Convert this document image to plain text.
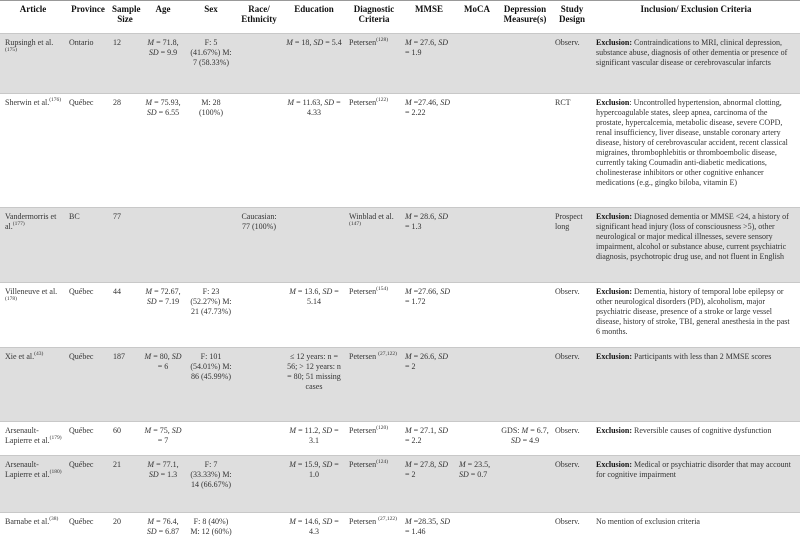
Article	Province	Sample Size	Age	Sex	Race/ Ethnicity	Education	Diagnostic Criteria	MMSE	MoCA	Depression Measure(s)	Study Design	Inclusion/ Exclusion Criteria
Rupsingh et al.$^{(175)}$	Ontario	12	M = 71.8, SD = 9.9	F: 5 (41.67%) M: 7 (58.33%)		M = 18, SD = 5.4	Petersen$^{(128)}$	M = 27.6, SD = 1.9			Observ.	Exclusion: Contraindications to MRI, clinical depression, substance abuse, diagnosis of other dementia or presence of significant vascular disease or cerebrovascular infarcts
Sherwin et al.$^{(176)}$	Québec	28	M = 75.93, SD = 6.55	M: 28 (100%)		M = 11.63, SD = 4.33	Petersen$^{(122)}$	M =27.46, SD = 2.22			RCT	Exclusion: Uncontrolled hypertension, abnormal clotting, hypercoagulable states, sleep apnea, carcinoma of the prostate, hypercalcemia, metabolic disease, severe COPD, renal insufficiency, liver disease, unstable coronary artery disease, history of cerebrovascular accident, recent classical migraines, thrombophlebitis or thromboembolic disease, currently taking Coumadin anti-diabetic medications, cholinesterase inhibitors or other cognitive enhancer medications (e.g., gingko biloba, vitamin E)
Vandermorris et al.$^{(177)}$	BC	77			Caucasian: 77 (100%)		Winblad et al.$^{(147)}$	M = 28.6, SD = 1.3			Prospect long	Exclusion: Diagnosed dementia or MMSE <24, a history of significant head injury (loss of consciousness >5), other neurological or major medical illnesses, severe sensory impairment, alcohol or substance abuse, current psychiatric diagnosis, psychotropic drug use, and not fluent in English
Villeneuve et al.$^{(178)}$	Québec	44	M = 72.67, SD = 7.19	F: 23 (52.27%) M: 21 (47.73%)		M = 13.6, SD = 5.14	Petersen$^{(154)}$	M =27.66, SD = 1.72			Observ.	Exclusion: Dementia, history of temporal lobe epilepsy or other neurological disorders (PD), alcoholism, major psychiatric disease, presence of a stroke or large vessel disease, history of stroke, TBI, general anesthesia in the past 6 months.
Xie et al.$^{(43)}$	Québec	187	M = 80, SD = 6	F: 101 (54.01%) M: 86 (45.99%)		≤ 12 years: n = 56; > 12 years: n = 80; 51 missing cases	Petersen $^{(27,122)}$	M = 26.6, SD = 2			Observ.	Exclusion: Participants with less than 2 MMSE scores
Arsenault-Lapierre et al.$^{(179)}$	Québec	60	M = 75, SD = 7			M = 11.2, SD = 3.1	Petersen$^{(120)}$	M = 27.1, SD = 2.2		GDS: M = 6.7, SD = 4.9	Observ.	Exclusion: Reversible causes of cognitive dysfunction
Arsenault-Lapierre et al.$^{(180)}$	Québec	21	M = 77.1, SD = 1.3	F: 7 (33.33%) M: 14 (66.67%)		M = 15.9, SD = 1.0	Petersen$^{(124)}$	M = 27.8, SD = 2	M = 23.5, SD = 0.7		Observ.	Exclusion: Medical or psychiatric disorder that may account for cognitive impairment
Barnabe et al.$^{(38)}$	Québec	20	M = 76.4, SD = 6.87	F: 8 (40%) M: 12 (60%)		M = 14.6, SD = 4.3	Petersen $^{(27,122)}$	M =28.35, SD = 1.46			Observ.	No mention of exclusion criteria
